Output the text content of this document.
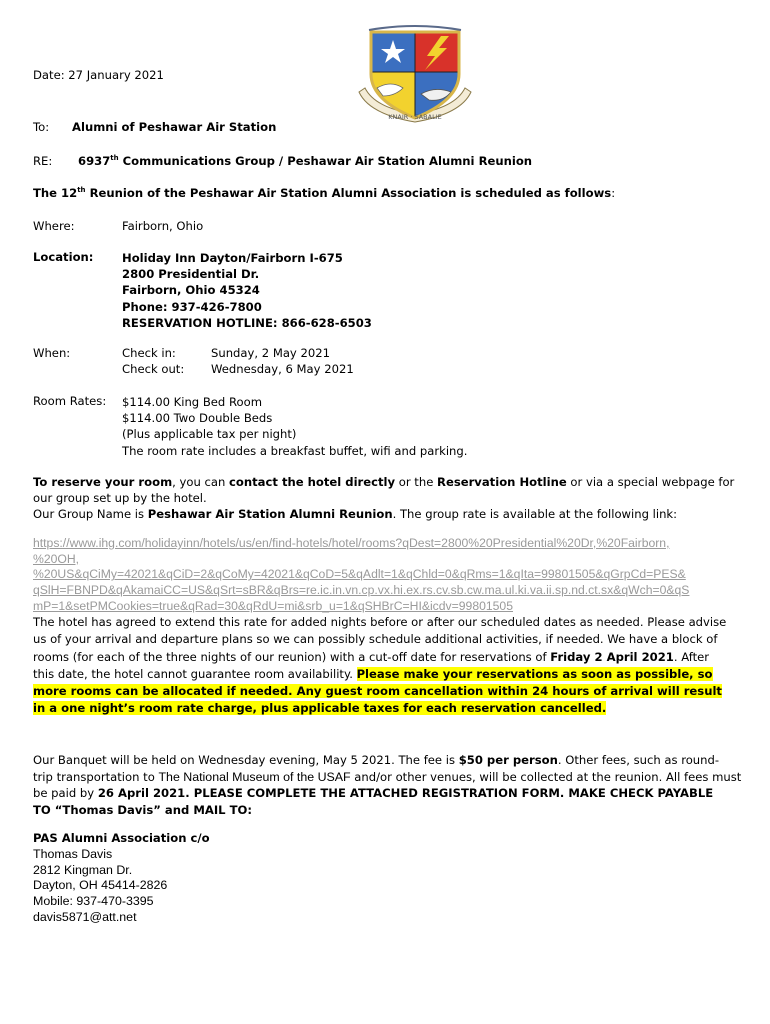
KNAIR · SABALIE
Date: 27 January 2021
To: Alumni of Peshawar Air Station
RE: 6937th Communications Group / Peshawar Air Station Alumni Reunion
The 12th Reunion of the Peshawar Air Station Alumni Association is scheduled as follows:
Where:	Fairborn, Ohio
Location: Holiday Inn Dayton/Fairborn I-675
2800 Presidential Dr.
Fairborn, Ohio 45324
Phone: 937-426-7800
RESERVATION HOTLINE: 866-628-6503
When:	Check in:	Sunday, 2 May 2021
Check out: Wednesday, 6 May 2021
Room Rates: $114.00 King Bed Room
$114.00 Two Double Beds
(Plus applicable tax per night)
The room rate includes a breakfast buffet, wifi and parking.
To reserve your room, you can contact the hotel directly or the Reservation Hotline or via a special webpage for
our group set up by the hotel.
Our Group Name is Peshawar Air Station Alumni Reunion. The group rate is available at the following link:
https://www.ihg.com/holidayinn/hotels/us/en/find-hotels/hotel/rooms?qDest=2800%20Presidential%20Dr,%20Fairborn,
%20OH,
%20US&qCiMy=42021&qCiD=2&qCoMy=42021&qCoD=5&qAdlt=1&qChld=0&qRms=1&qIta=99801505&qGrpCd=PES&
qSlH=FBNPD&qAkamaiCC=US&qSrt=sBR&qBrs=re.ic.in.vn.cp.vx.hi.ex.rs.cv.sb.cw.ma.ul.ki.va.ii.sp.nd.ct.sx&qWch=0&qS
mP=1&setPMCookies=true&qRad=30&qRdU=mi&srb_u=1&qSHBrC=HI&icdv=99801505
The hotel has agreed to extend this rate for added nights before or after our scheduled dates as needed. Please advise
us of your arrival and departure plans so we can possibly schedule additional activities, if needed. We have a block of
rooms (for each of the three nights of our reunion) with a cut-off date for reservations of Friday 2 April 2021. After
this date, the hotel cannot guarantee room availability. Please make your reservations as soon as possible, so
more rooms can be allocated if needed. Any guest room cancellation within 24 hours of arrival will result
in a one night’s room rate charge, plus applicable taxes for each reservation cancelled.
Our Banquet will be held on Wednesday evening, May 5 2021. The fee is $50 per person. Other fees, such as round-
trip transportation to The National Museum of the USAF and/or other venues, will be collected at the reunion. All fees must
be paid by 26 April 2021. PLEASE COMPLETE THE ATTACHED REGISTRATION FORM. MAKE CHECK PAYABLE
TO “Thomas Davis” and MAIL TO:
PAS Alumni Association c/o
Thomas Davis
2812 Kingman Dr.
Dayton, OH 45414-2826
Mobile: 937-470-3395
davis5871@att.net
